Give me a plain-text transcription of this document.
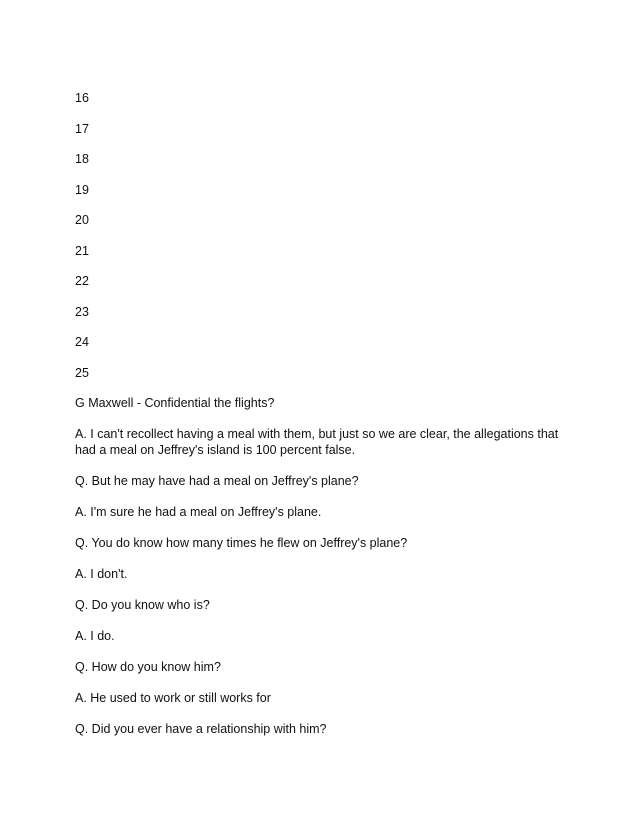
16
17
18
19
20
21
22
23
24
25

G Maxwell - Confidential the flights?

A. I can't recollect having a meal with them, but just so we are clear, the allegations that had a meal on Jeffrey's island is 100 percent false.

Q. But he may have had a meal on Jeffrey's plane?

A. I'm sure he had a meal on Jeffrey's plane.

Q. You do know how many times he flew on Jeffrey's plane?

A. I don't.

Q. Do you know who is?

A. I do.

Q. How do you know him?

A. He used to work or still works for

Q. Did you ever have a relationship with him?
